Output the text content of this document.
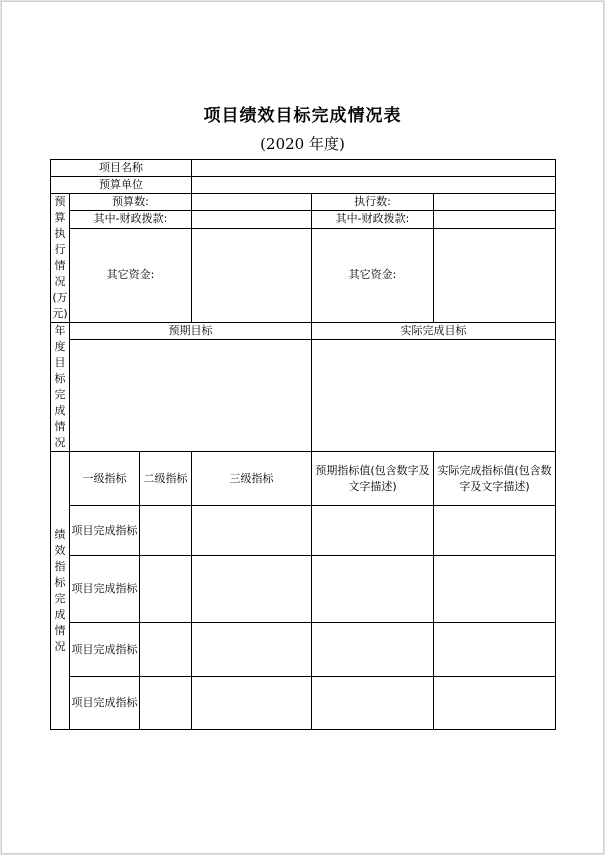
项目绩效目标完成情况表
(2020 年度)
项目名称					
预算单位					
预算执行情况(万元)	预算数:			执行数:	
	其中-财政拨款:			其中-财政拨款:	
	其它资金:			其它资金:	
年度目标完成情况	预期目标			实际完成目标	

绩效指标完成情况	一级指标	二级指标	三级指标	预期指标值(包含数字及文字描述)	实际完成指标值(包含数字及文字描述)
	项目完成指标				
	项目完成指标				
	项目完成指标				
	项目完成指标				
